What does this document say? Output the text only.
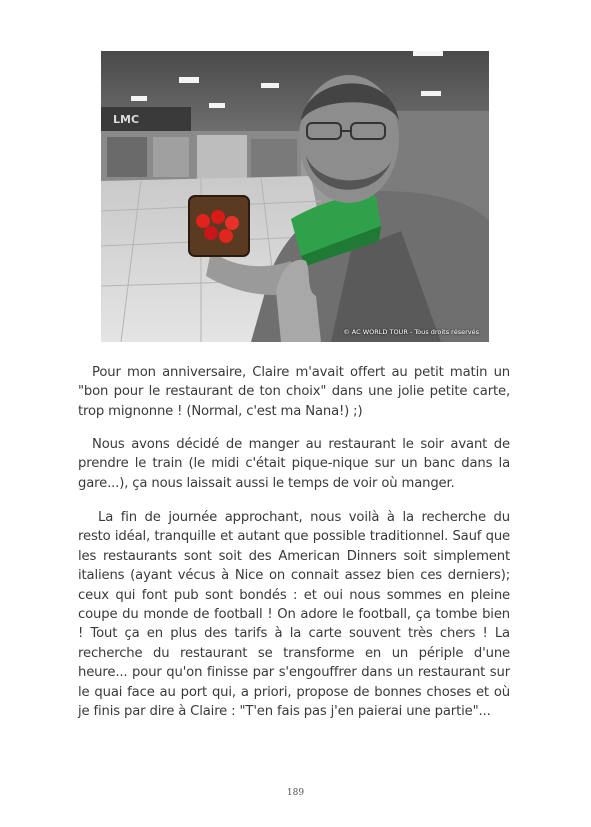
LMC
© AC WORLD TOUR - Tous droits réservés

Pour mon anniversaire, Claire m'avait offert au petit matin un "bon pour le restaurant de ton choix" dans une jolie petite carte, trop mignonne ! (Normal, c'est ma Nana!) ;)

Nous avons décidé de manger au restaurant le soir avant de prendre le train (le midi c'était pique-nique sur un banc dans la gare...), ça nous laissait aussi le temps de voir où manger.

La fin de journée approchant, nous voilà à la recherche du resto idéal, tranquille et autant que possible traditionnel. Sauf que les restaurants sont soit des American Dinners soit simplement italiens (ayant vécus à Nice on connait assez bien ces derniers); ceux qui font pub sont bondés : et oui nous sommes en pleine coupe du monde de football ! On adore le football, ça tombe bien ! Tout ça en plus des tarifs à la carte souvent très chers ! La recherche du restaurant se transforme en un périple d'une heure... pour qu'on finisse par s'engouffrer dans un restaurant sur le quai face au port qui, a priori, propose de bonnes choses et où je finis par dire à Claire : "T'en fais pas j'en paierai une partie"...

189
